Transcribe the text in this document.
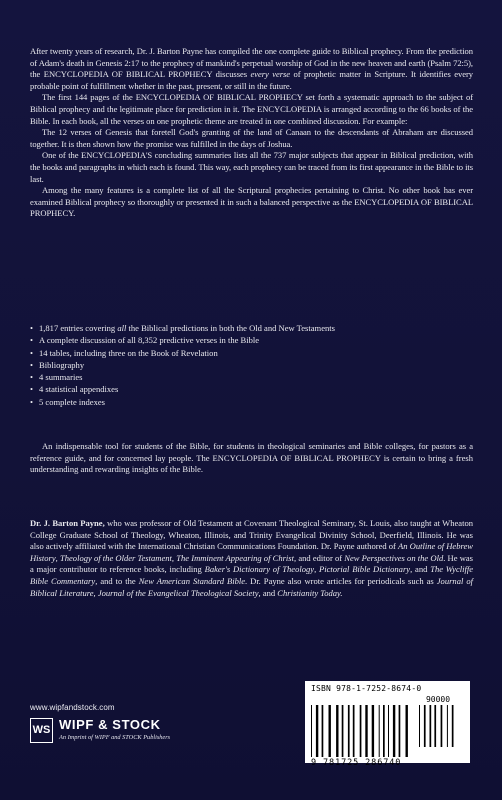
After twenty years of research, Dr. J. Barton Payne has compiled the one complete guide to Biblical prophecy. From the prediction of Adam's death in Genesis 2:17 to the prophecy of mankind's perpetual worship of God in the new heaven and earth (Psalm 72:5), the ENCYCLOPEDIA OF BIBLICAL PROPHECY discusses every verse of prophetic matter in Scripture. It identifies every probable point of fulfillment whether in the past, present, or still in the future.

The first 144 pages of the ENCYCLOPEDIA OF BIBLICAL PROPHECY set forth a systematic approach to the subject of Biblical prophecy and the legitimate place for prediction in it. The ENCYCLOPEDIA is arranged according to the 66 books of the Bible. In each book, all the verses on one prophetic theme are treated in one combined discussion. For example:

The 12 verses of Genesis that foretell God's granting of the land of Canaan to the descendants of Abraham are discussed together. It is then shown how the promise was fulfilled in the days of Joshua.

One of the ENCYCLOPEDIA'S concluding summaries lists all the 737 major subjects that appear in Biblical prediction, with the books and paragraphs in which each is found. This way, each prophecy can be traced from its first appearance in the Bible to its last.

Among the many features is a complete list of all the Scriptural prophecies pertaining to Christ. No other book has ever examined Biblical prophecy so thoroughly or presented it in such a balanced perspective as the ENCYCLOPEDIA OF BIBLICAL PROPHECY.

• 1,817 entries covering all the Biblical predictions in both the Old and New Testaments
• A complete discussion of all 8,352 predictive verses in the Bible
• 14 tables, including three on the Book of Revelation
• Bibliography
• 4 summaries
• 4 statistical appendixes
• 5 complete indexes

An indispensable tool for students of the Bible, for students in theological seminaries and Bible colleges, for pastors as a reference guide, and for concerned lay people. The ENCYCLOPEDIA OF BIBLICAL PROPHECY is certain to bring a fresh understanding and rewarding insights of the Bible.

Dr. J. Barton Payne, who was professor of Old Testament at Covenant Theological Seminary, St. Louis, also taught at Wheaton College Graduate School of Theology, Wheaton, Illinois, and Trinity Evangelical Divinity School, Deerfield, Illinois. He was also actively affiliated with the International Christian Communications Foundation. Dr. Payne authored of An Outline of Hebrew History, Theology of the Older Testament, The Imminent Appearing of Christ, and editor of New Perspectives on the Old. He was a major contributor to reference books, including Baker's Dictionary of Theology, Pictorial Bible Dictionary, and The Wycliffe Bible Commentary, and to the New American Standard Bible. Dr. Payne also wrote articles for periodicals such as Journal of Biblical Literature, Journal of the Evangelical Theological Society, and Christianity Today.

www.wipfandstock.com
WS WIPF & STOCK
An Imprint of WIPF and STOCK Publishers
ISBN 978-1-7252-8674-0
90000
9 781725 286740
